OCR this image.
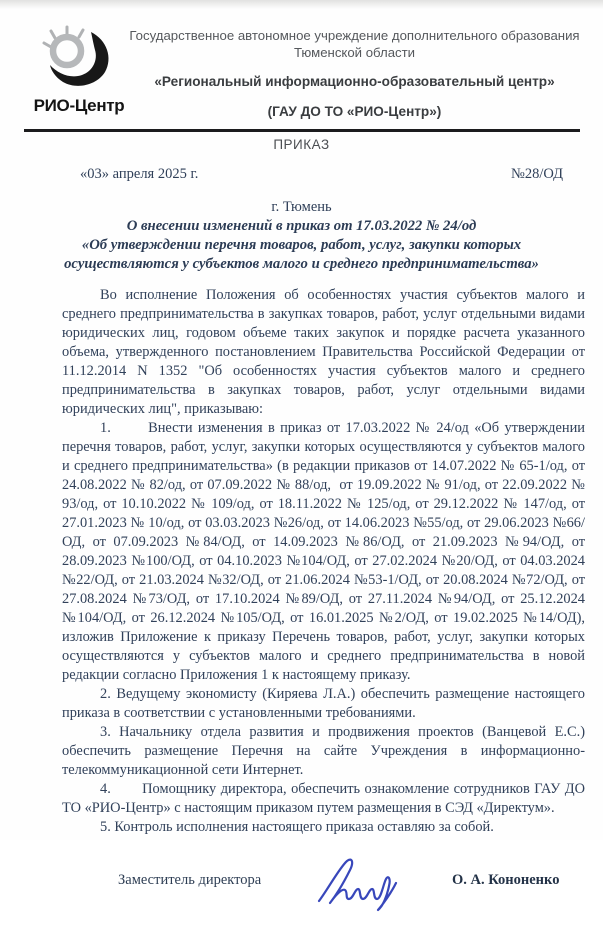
РИО-Центр
Государственное автономное учреждение дополнительного образования
Тюменской области
«Региональный информационно-образовательный центр»
(ГАУ ДО ТО «РИО-Центр»)
ПРИКАЗ
«03» апреля 2025 г.	№28/ОД
г. Тюмень
О внесении изменений в приказ от 17.03.2022 № 24/од
«Об утверждении перечня товаров, работ, услуг, закупки которых
осуществляются у субъектов малого и среднего предпринимательства»

Во исполнение Положения об особенностях участия субъектов малого и среднего предпринимательства в закупках товаров, работ, услуг отдельными видами юридических лиц, годовом объеме таких закупок и порядке расчета указанного объема, утвержденного постановлением Правительства Российской Федерации от 11.12.2014 N 1352 "Об особенностях участия субъектов малого и среднего предпринимательства в закупках товаров, работ, услуг отдельными видами юридических лиц", приказываю:

1.       Внести изменения в приказ от 17.03.2022 № 24/од «Об утверждении перечня товаров, работ, услуг, закупки которых осуществляются у субъектов малого и среднего предпринимательства» (в редакции приказов от 14.07.2022 № 65-1/од, от 24.08.2022 № 82/од, от 07.09.2022 № 88/од,  от 19.09.2022 № 91/од, от 22.09.2022 № 93/од, от 10.10.2022 № 109/од, от 18.11.2022 № 125/од, от 29.12.2022 № 147/од, от 27.01.2023 № 10/од, от 03.03.2023 №26/од, от 14.06.2023 №55/од, от 29.06.2023 №66/ОД, от 07.09.2023 №84/ОД, от 14.09.2023 №86/ОД, от 21.09.2023 №94/ОД, от 28.09.2023 №100/ОД, от 04.10.2023 №104/ОД, от 27.02.2024 №20/ОД, от 04.03.2024 №22/ОД, от 21.03.2024 №32/ОД, от 21.06.2024 №53-1/ОД, от 20.08.2024 №72/ОД, от 27.08.2024 №73/ОД, от 17.10.2024 №89/ОД, от 27.11.2024 №94/ОД, от 25.12.2024 №104/ОД, от 26.12.2024 №105/ОД, от 16.01.2025 №2/ОД, от 19.02.2025 №14/ОД), изложив Приложение к приказу Перечень товаров, работ, услуг, закупки которых осуществляются у субъектов малого и среднего предпринимательства в новой редакции согласно Приложения 1 к настоящему приказу.

2. Ведущему экономисту (Киряева Л.А.) обеспечить размещение настоящего приказа в соответствии с установленными требованиями.

3. Начальнику отдела развития и продвижения проектов (Ванцевой Е.С.) обеспечить размещение Перечня на сайте Учреждения в информационно-телекоммуникационной сети Интернет.

4.       Помощнику директора, обеспечить ознакомление сотрудников ГАУ ДО ТО «РИО-Центр» с настоящим приказом путем размещения в СЭД «Директум».

5. Контроль исполнения настоящего приказа оставляю за собой.

Заместитель директора	О. А. Кононенко
